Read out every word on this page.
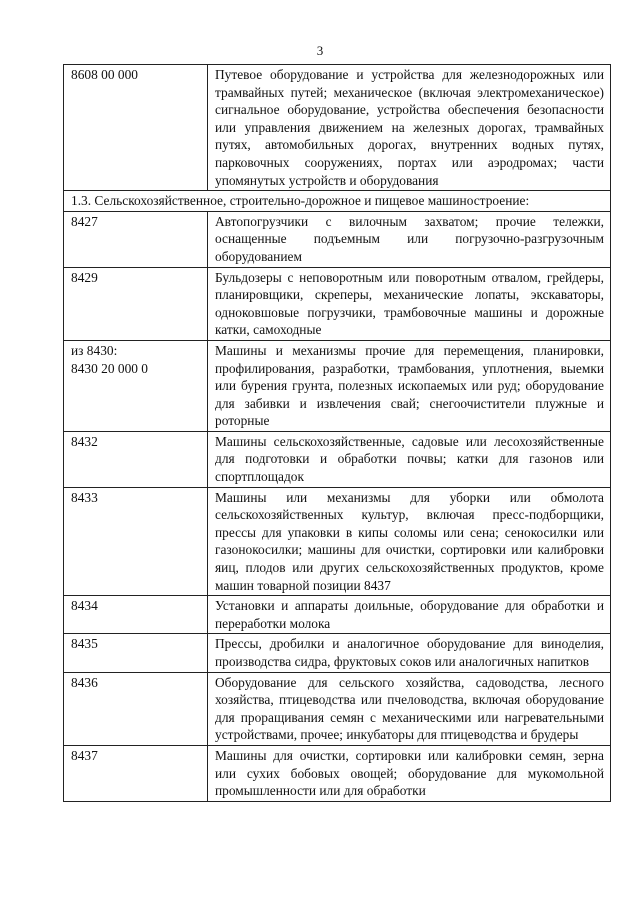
3
8608 00 000	Путевое оборудование и устройства для железнодорожных или трамвайных путей; механическое (включая электромеханическое) сигнальное оборудование, устройства обеспечения безопасности или управления движением на железных дорогах, трамвайных путях, автомобильных дорогах, внутренних водных путях, парковочных сооружениях, портах или аэродромах; части упомянутых устройств и оборудования
1.3. Сельскохозяйственное, строительно-дорожное и пищевое машиностроение:	

8427	Автопогрузчики с вилочным захватом; прочие тележки, оснащенные подъемным или погрузочно-разгрузочным оборудованием

8429	Бульдозеры с неповоротным или поворотным отвалом, грейдеры, планировщики, скреперы, механические лопаты, экскаваторы, одноковшовые погрузчики, трамбовочные машины и дорожные катки, самоходные

из 8430:
8430 20 000 0	Машины и механизмы прочие для перемещения, планировки, профилирования, разработки, трамбования, уплотнения, выемки или бурения грунта, полезных ископаемых или руд; оборудование для забивки и извлечения свай; снегоочистители плужные и роторные

8432	Машины сельскохозяйственные, садовые или лесохозяйственные для подготовки и обработки почвы; катки для газонов или спортплощадок

8433	Машины или механизмы для уборки или обмолота сельскохозяйственных культур, включая пресс-подборщики, прессы для упаковки в кипы соломы или сена; сенокосилки или газонокосилки; машины для очистки, сортировки или калибровки яиц, плодов или других сельскохозяйственных продуктов, кроме машин товарной позиции 8437

8434	Установки и аппараты доильные, оборудование для обработки и переработки молока

8435	Прессы, дробилки и аналогичное оборудование для виноделия, производства сидра, фруктовых соков или аналогичных напитков

8436	Оборудование для сельского хозяйства, садоводства, лесного хозяйства, птицеводства или пчеловодства, включая оборудование для проращивания семян с механическими или нагревательными устройствами, прочее; инкубаторы для птицеводства и брудеры

8437	Машины для очистки, сортировки или калибровки семян, зерна или сухих бобовых овощей; оборудование для мукомольной промышленности или для обработки
